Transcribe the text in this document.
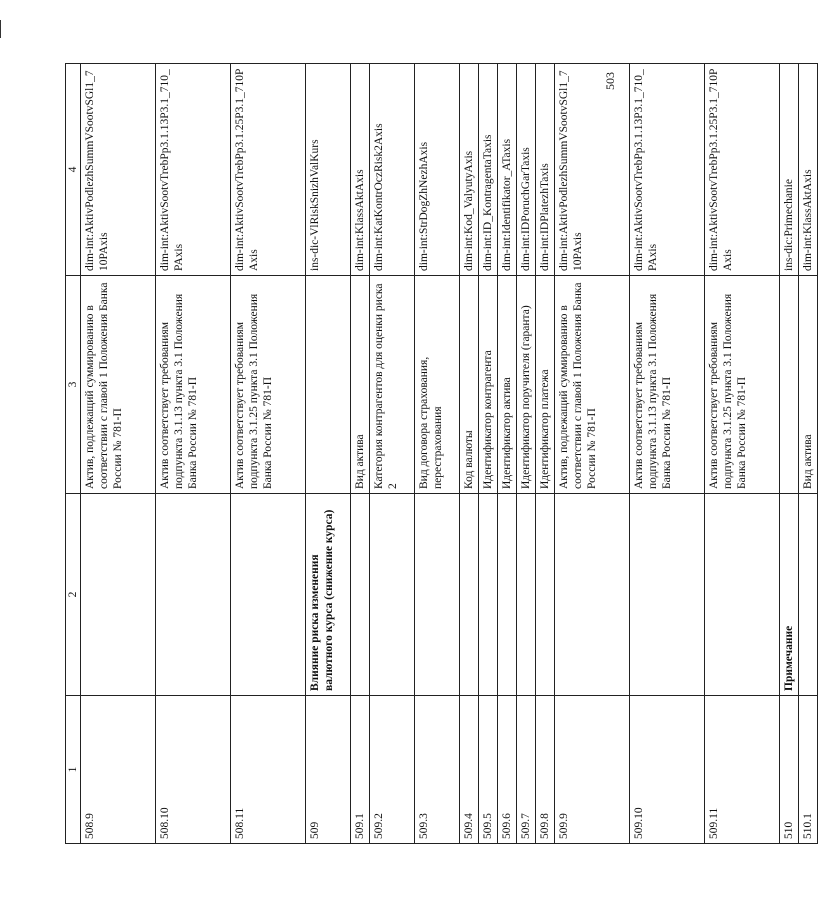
503
1	2	3	4
508.9		Актив, подлежащий суммированию в соответствии с главой 1 Положения Банка России № 781-П	dim-int:AktivPodlezhSummVSootvSGl1_710PAxis
508.10		Актив соответствует требованиям подпункта 3.1.13 пункта 3.1 Положения Банка России № 781-П	dim-int:AktivSootvTrebPp3.1.13P3.1_710_PAxis
508.11		Актив соответствует требованиям подпункта 3.1.25 пункта 3.1 Положения Банка России № 781-П	dim-int:AktivSootvTrebPp3.1.25P3.1_710PAxis
509	Влияние риска изменения валютного курса (снижение курса)		ins-dic-VlRiskSnizhValKurs
509.1		Вид актива	dim-int:KlassAktAxis
509.2		Категория контрагентов для оценки риска 2	dim-int:KatKontrOczRisk2Axis
509.3		Вид договора страхования, перестрахования	dim-int:StrDogZhNezhAxis
509.4		Код валюты	dim-int:Kod_ValyutyAxis
509.5		Идентификатор контрагента	dim-int:ID_KontragentaTaxis
509.6		Идентификатор актива	dim-int:Identifikator_ATaxis
509.7		Идентификатор поручителя (гаранта)	dim-int:IDPoruchGarTaxis
509.8		Идентификатор платежа	dim-int:IDPlatezhTaxis
509.9		Актив, подлежащий суммированию в соответствии с главой 1 Положения Банка России № 781-П	dim-int:AktivPodlezhSummVSootvSGl1_710PAxis
509.10		Актив соответствует требованиям подпункта 3.1.13 пункта 3.1 Положения Банка России № 781-П	dim-int:AktivSootvTrebPp3.1.13P3.1_710_PAxis
509.11		Актив соответствует требованиям подпункта 3.1.25 пункта 3.1 Положения Банка России № 781-П	dim-int:AktivSootvTrebPp3.1.25P3.1_710PAxis
510	Примечание		ins-dic:Primechanie
510.1		Вид актива	dim-int:KlassAktAxis
